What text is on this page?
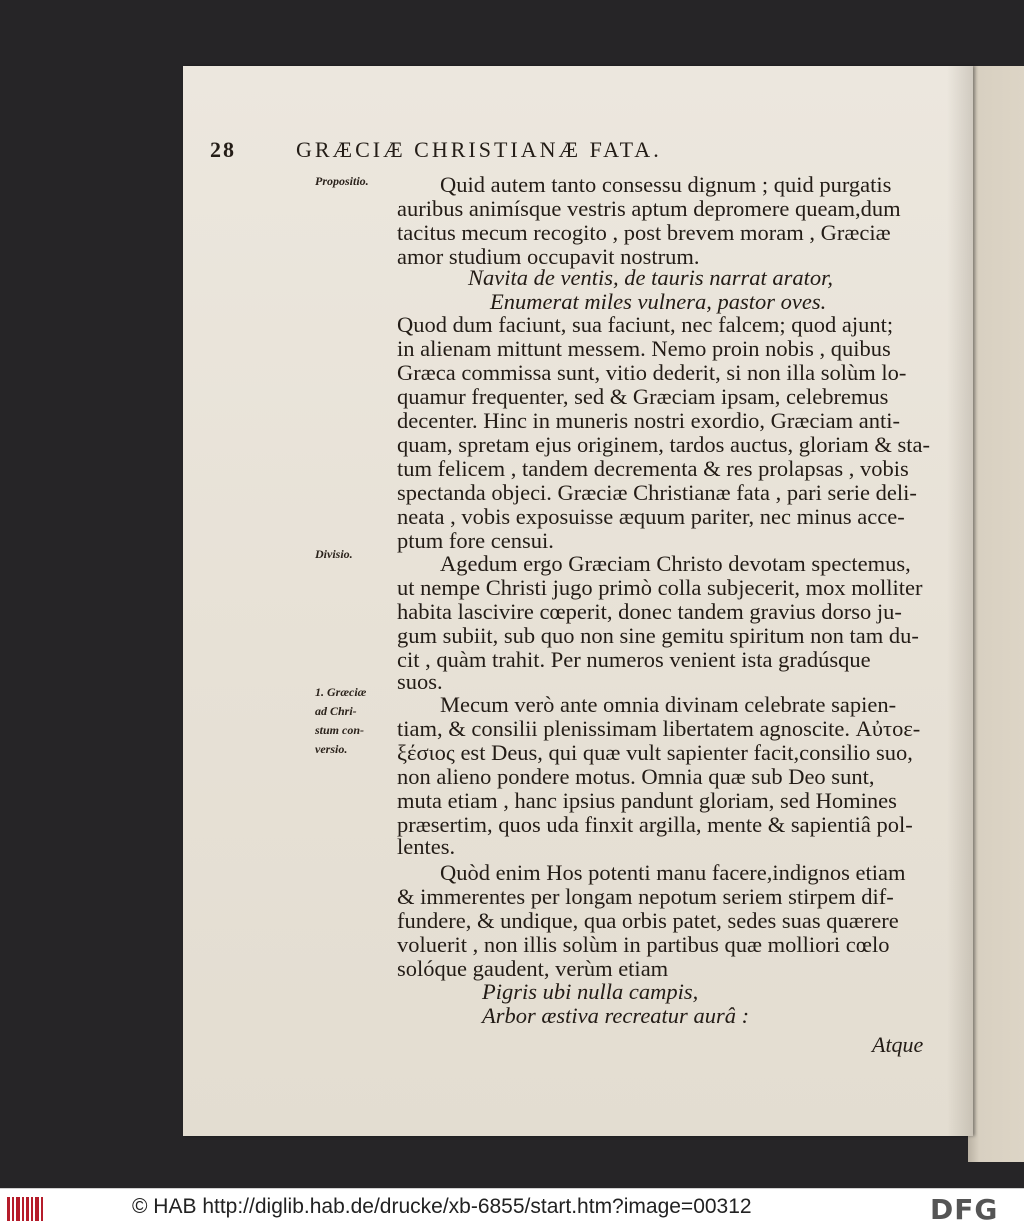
28	GRÆCIÆ CHRISTIANÆ FATA.
Propositio.
Divisio.
1. Græciæ
ad Chri-
stum con-
versio.
Quid autem tanto consessu dignum ; quid purgatis
auribus animísque vestris aptum depromere queam,dum
tacitus mecum recogito , post brevem moram , Græciæ
amor studium occupavit nostrum.
Navita de ventis, de tauris narrat arator,
Enumerat miles vulnera, pastor oves.
Quod dum faciunt, sua faciunt, nec falcem; quod ajunt;
in alienam mittunt messem. Nemo proin nobis , quibus
Græca commissa sunt, vitio dederit, si non illa solùm lo-
quamur frequenter, sed & Græciam ipsam, celebremus
decenter. Hinc in muneris nostri exordio, Græciam anti-
quam, spretam ejus originem, tardos auctus, gloriam & sta-
tum felicem , tandem decrementa & res prolapsas , vobis
spectanda objeci. Græciæ Christianæ fata , pari serie deli-
neata , vobis exposuisse æquum pariter, nec minus acce-
ptum fore censui.
Agedum ergo Græciam Christo devotam spectemus,
ut nempe Christi jugo primò colla subjecerit, mox molliter
habita lascivire cœperit, donec tandem gravius dorso ju-
gum subiit, sub quo non sine gemitu spiritum non tam du-
cit , quàm trahit. Per numeros venient ista gradúsque
suos.
Mecum verò ante omnia divinam celebrate sapien-
tiam, & consilii plenissimam libertatem agnoscite. Αὐτοε-
ξέσιος est Deus, qui quæ vult sapienter facit,consilio suo,
non alieno pondere motus. Omnia quæ sub Deo sunt,
muta etiam , hanc ipsius pandunt gloriam, sed Homines
præsertim, quos uda finxit argilla, mente & sapientiâ pol-
lentes.
Quòd enim Hos potenti manu facere,indignos etiam
& immerentes per longam nepotum seriem stirpem dif-
fundere, & undique, qua orbis patet, sedes suas quærere
voluerit , non illis solùm in partibus quæ molliori cœlo
solóque gaudent, verùm etiam
Pigris ubi nulla campis,
Arbor æstiva recreatur aurâ :
Atque
© HAB http://diglib.hab.de/drucke/xb-6855/start.htm?image=00312	DFG
